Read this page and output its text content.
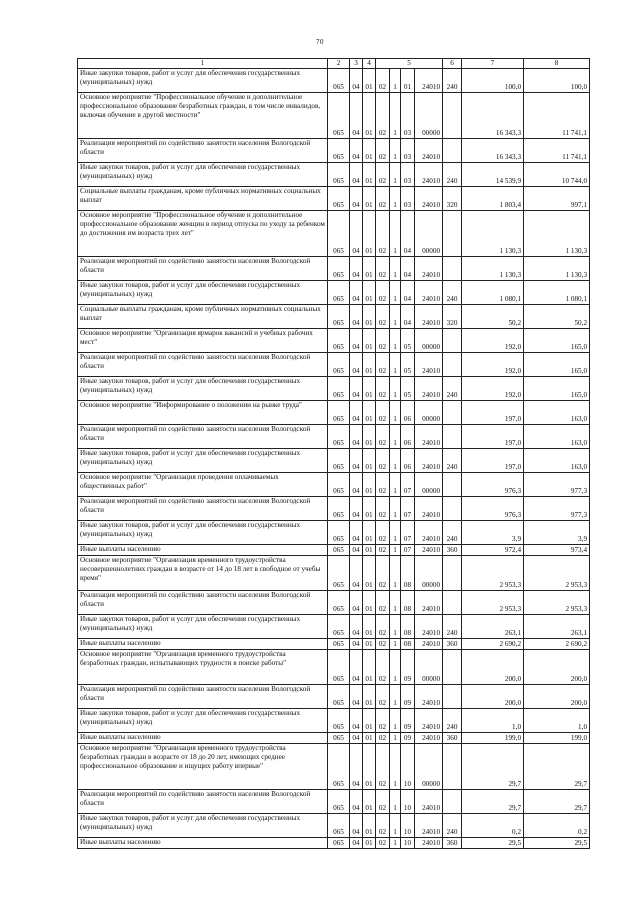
70
1	2	3	4	5				6	7	8
Иные закупки товаров, работ и услуг для обеспечения государственных (муниципальных) нужд	065	04	01	02	1	01	24010	240	100,0	100,0
Основное мероприятие "Профессиональное обучение и дополнительное профессиональное образование безработных граждан, в том числе инвалидов, включая обучение в другой местности"	065	04	01	02	1	03	00000		16 343,3	11 741,1
Реализация мероприятий по содействию занятости населения Вологодской области	065	04	01	02	1	03	24010		16 343,3	11 741,1
Иные закупки товаров, работ и услуг для обеспечения государственных (муниципальных) нужд	065	04	01	02	1	03	24010	240	14 539,9	10 744,0
Социальные выплаты гражданам, кроме публичных нормативных социальных выплат	065	04	01	02	1	03	24010	320	1 803,4	997,1
Основное мероприятие "Профессиональное обучение и дополнительное профессиональное образование женщин в период отпуска по уходу за ребенком до достижения им возраста трех лет"	065	04	01	02	1	04	00000		1 130,3	1 130,3
Реализация мероприятий по содействию занятости населения Вологодской области	065	04	01	02	1	04	24010		1 130,3	1 130,3
Иные закупки товаров, работ и услуг для обеспечения государственных (муниципальных) нужд	065	04	01	02	1	04	24010	240	1 080,1	1 080,1
Социальные выплаты гражданам, кроме публичных нормативных социальных выплат	065	04	01	02	1	04	24010	320	50,2	50,2
Основное мероприятие "Организация ярмарок вакансий и учебных рабочих мест"	065	04	01	02	1	05	00000		192,0	165,0
Реализация мероприятий по содействию занятости населения Вологодской области	065	04	01	02	1	05	24010		192,0	165,0
Иные закупки товаров, работ и услуг для обеспечения государственных (муниципальных) нужд	065	04	01	02	1	05	24010	240	192,0	165,0
Основное мероприятие "Информирование о положении на рынке труда"	065	04	01	02	1	06	00000		197,0	163,0
Реализация мероприятий по содействию занятости населения Вологодской области	065	04	01	02	1	06	24010		197,0	163,0
Иные закупки товаров, работ и услуг для обеспечения государственных (муниципальных) нужд	065	04	01	02	1	06	24010	240	197,0	163,0
Основное мероприятие "Организация проведения оплачиваемых общественных работ"	065	04	01	02	1	07	00000		976,3	977,3
Реализация мероприятий по содействию занятости населения Вологодской области	065	04	01	02	1	07	24010		976,3	977,3
Иные закупки товаров, работ и услуг для обеспечения государственных (муниципальных) нужд	065	04	01	02	1	07	24010	240	3,9	3,9
Иные выплаты населению	065	04	01	02	1	07	24010	360	972,4	973,4
Основное мероприятие "Организация временного трудоустройства несовершеннолетних граждан в возрасте от 14 до 18 лет в свободное от учебы время"	065	04	01	02	1	08	00000		2 953,3	2 953,3
Реализация мероприятий по содействию занятости населения Вологодской области	065	04	01	02	1	08	24010		2 953,3	2 953,3
Иные закупки товаров, работ и услуг для обеспечения государственных (муниципальных) нужд	065	04	01	02	1	08	24010	240	263,1	263,1
Иные выплаты населению	065	04	01	02	1	08	24010	360	2 690,2	2 690,2
Основное мероприятие "Организация временного трудоустройства безработных граждан, испытывающих трудности в поиске работы"	065	04	01	02	1	09	00000		200,0	200,0
Реализация мероприятий по содействию занятости населения Вологодской области	065	04	01	02	1	09	24010		200,0	200,0
Иные закупки товаров, работ и услуг для обеспечения государственных (муниципальных) нужд	065	04	01	02	1	09	24010	240	1,0	1,0
Иные выплаты населению	065	04	01	02	1	09	24010	360	199,0	199,0
Основное мероприятие "Организация временного трудоустройства безработных граждан в возрасте от 18 до 20 лет, имеющих среднее профессиональное образование и ищущих работу впервые"	065	04	01	02	1	10	00000		29,7	29,7
Реализация мероприятий по содействию занятости населения Вологодской области	065	04	01	02	1	10	24010		29,7	29,7
Иные закупки товаров, работ и услуг для обеспечения государственных (муниципальных) нужд	065	04	01	02	1	10	24010	240	0,2	0,2
Иные выплаты населению	065	04	01	02	1	10	24010	360	29,5	29,5
